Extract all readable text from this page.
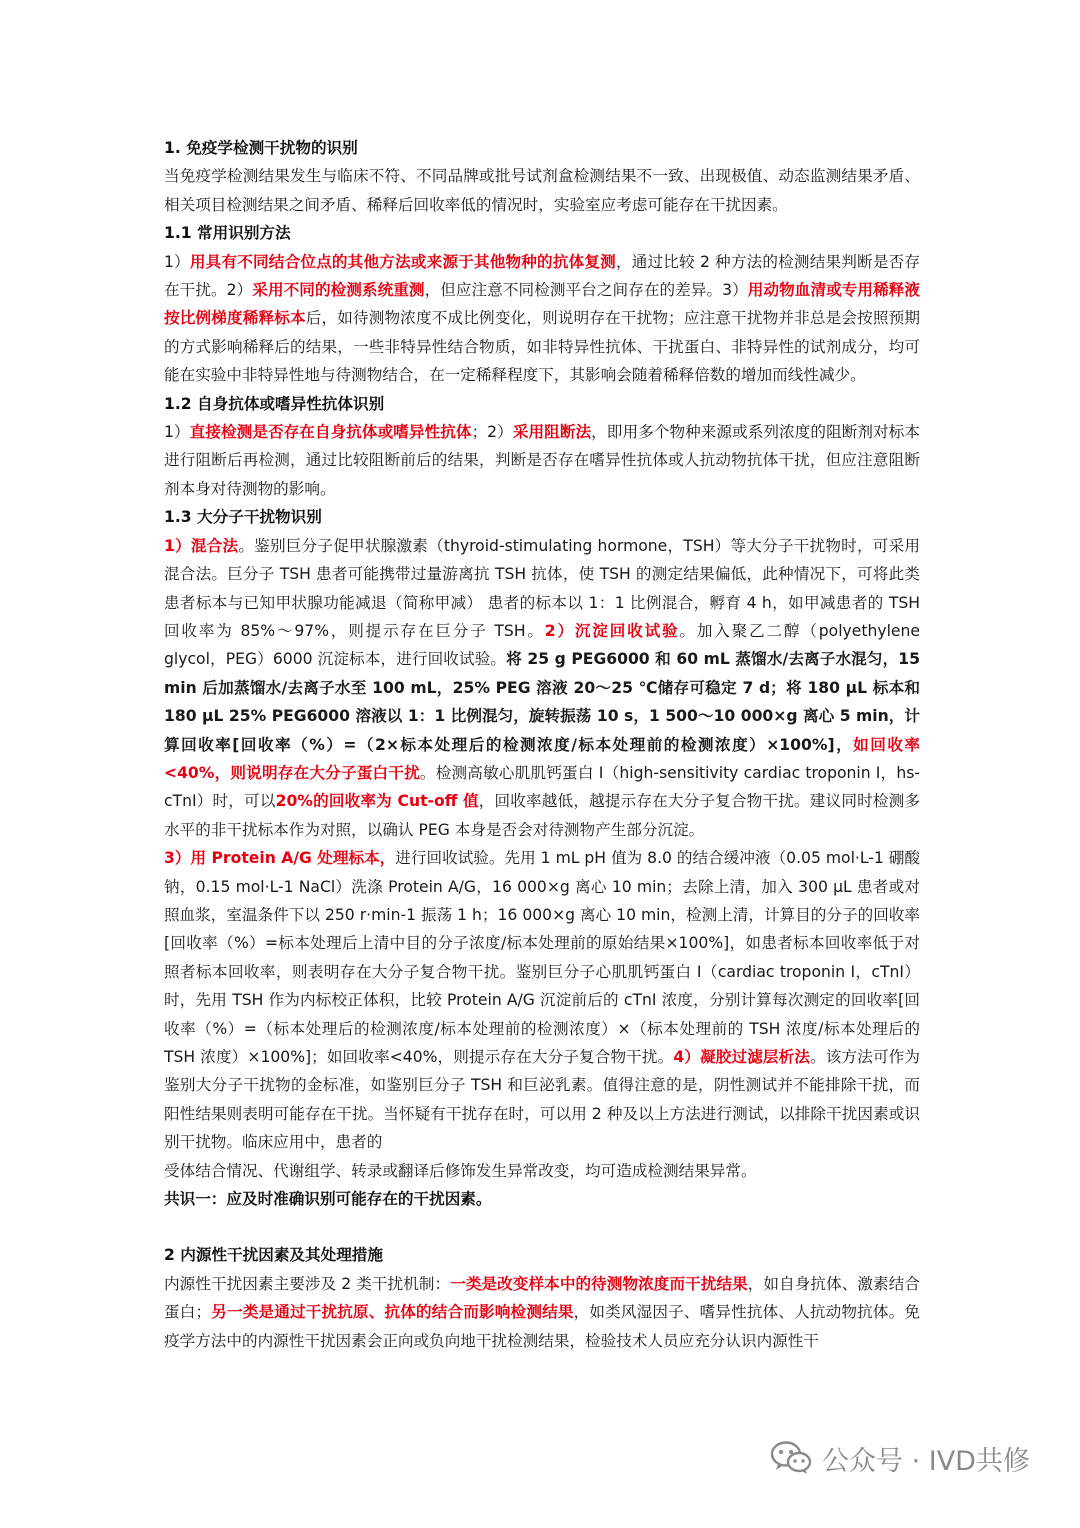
1. 免疫学检测干扰物的识别

当免疫学检测结果发生与临床不符、不同品牌或批号试剂盒检测结果不一致、出现极值、动态监测结果矛盾、相关项目检测结果之间矛盾、稀释后回收率低的情况时，实验室应考虑可能存在干扰因素。

1.1 常用识别方法

1）用具有不同结合位点的其他方法或来源于其他物种的抗体复测，通过比较 2 种方法的检测结果判断是否存在干扰。2）采用不同的检测系统重测，但应注意不同检测平台之间存在的差异。3）用动物血清或专用稀释液按比例梯度稀释标本后，如待测物浓度不成比例变化，则说明存在干扰物；应注意干扰物并非总是会按照预期的方式影响稀释后的结果，一些非特异性结合物质，如非特异性抗体、干扰蛋白、非特异性的试剂成分，均可能在实验中非特异性地与待测物结合，在一定稀释程度下，其影响会随着稀释倍数的增加而线性减少。

1.2 自身抗体或嗜异性抗体识别

1）直接检测是否存在自身抗体或嗜异性抗体；2）采用阻断法，即用多个物种来源或系列浓度的阻断剂对标本进行阻断后再检测，通过比较阻断前后的结果，判断是否存在嗜异性抗体或人抗动物抗体干扰，但应注意阻断剂本身对待测物的影响。

1.3 大分子干扰物识别

1）混合法。鉴别巨分子促甲状腺激素（thyroid-stimulating hormone，TSH）等大分子干扰物时，可采用混合法。巨分子 TSH 患者可能携带过量游离抗 TSH 抗体，使 TSH 的测定结果偏低，此种情况下，可将此类患者标本与已知甲状腺功能减退（简称甲减） 患者的标本以 1：1 比例混合，孵育 4 h，如甲减患者的 TSH 回收率为 85%～97%，则提示存在巨分子 TSH。2）沉淀回收试验。加入聚乙二醇（polyethylene glycol，PEG）6000 沉淀标本，进行回收试验。将 25 g PEG6000 和 60 mL 蒸馏水/去离子水混匀，15 min 后加蒸馏水/去离子水至 100 mL，25% PEG 溶液 20～25 ℃储存可稳定 7 d；将 180 μL 标本和 180 μL 25% PEG6000 溶液以 1：1 比例混匀，旋转振荡 10 s，1 500～10 000×g 离心 5 min，计算回收率[回收率（%）=（2×标本处理后的检测浓度/标本处理前的检测浓度）×100%]，如回收率<40%，则说明存在大分子蛋白干扰。检测高敏心肌肌钙蛋白 I（high-sensitivity cardiac troponin I，hs-cTnI）时，可以20%的回收率为 Cut-off 值，回收率越低，越提示存在大分子复合物干扰。建议同时检测多水平的非干扰标本作为对照，以确认 PEG 本身是否会对待测物产生部分沉淀。

3）用 Protein A/G 处理标本，进行回收试验。先用 1 mL pH 值为 8.0 的结合缓冲液（0.05 mol·L-1 硼酸钠，0.15 mol·L-1 NaCl）洗涤 Protein A/G，16 000×g 离心 10 min；去除上清，加入 300 μL 患者或对照血浆，室温条件下以 250 r·min-1 振荡 1 h；16 000×g 离心 10 min，检测上清，计算目的分子的回收率[回收率（%）=标本处理后上清中目的分子浓度/标本处理前的原始结果×100%]，如患者标本回收率低于对照者标本回收率，则表明存在大分子复合物干扰。鉴别巨分子心肌肌钙蛋白 I（cardiac troponin I，cTnI）时，先用 TSH 作为内标校正体积，比较 Protein A/G 沉淀前后的 cTnI 浓度，分别计算每次测定的回收率[回收率（%）=（标本处理后的检测浓度/标本处理前的检测浓度）×（标本处理前的 TSH 浓度/标本处理后的 TSH 浓度）×100%]；如回收率<40%，则提示存在大分子复合物干扰。4）凝胶过滤层析法。该方法可作为鉴别大分子干扰物的金标准，如鉴别巨分子 TSH 和巨泌乳素。值得注意的是，阴性测试并不能排除干扰，而阳性结果则表明可能存在干扰。当怀疑有干扰存在时，可以用 2 种及以上方法进行测试，以排除干扰因素或识别干扰物。临床应用中，患者的

受体结合情况、代谢组学、转录或翻译后修饰发生异常改变，均可造成检测结果异常。

共识一：应及时准确识别可能存在的干扰因素。
2 内源性干扰因素及其处理措施

内源性干扰因素主要涉及 2 类干扰机制：一类是改变样本中的待测物浓度而干扰结果，如自身抗体、激素结合蛋白；另一类是通过干扰抗原、抗体的结合而影响检测结果，如类风湿因子、嗜异性抗体、人抗动物抗体。免疫学方法中的内源性干扰因素会正向或负向地干扰检测结果，检验技术人员应充分认识内源性干

公众号 · IVD共修
